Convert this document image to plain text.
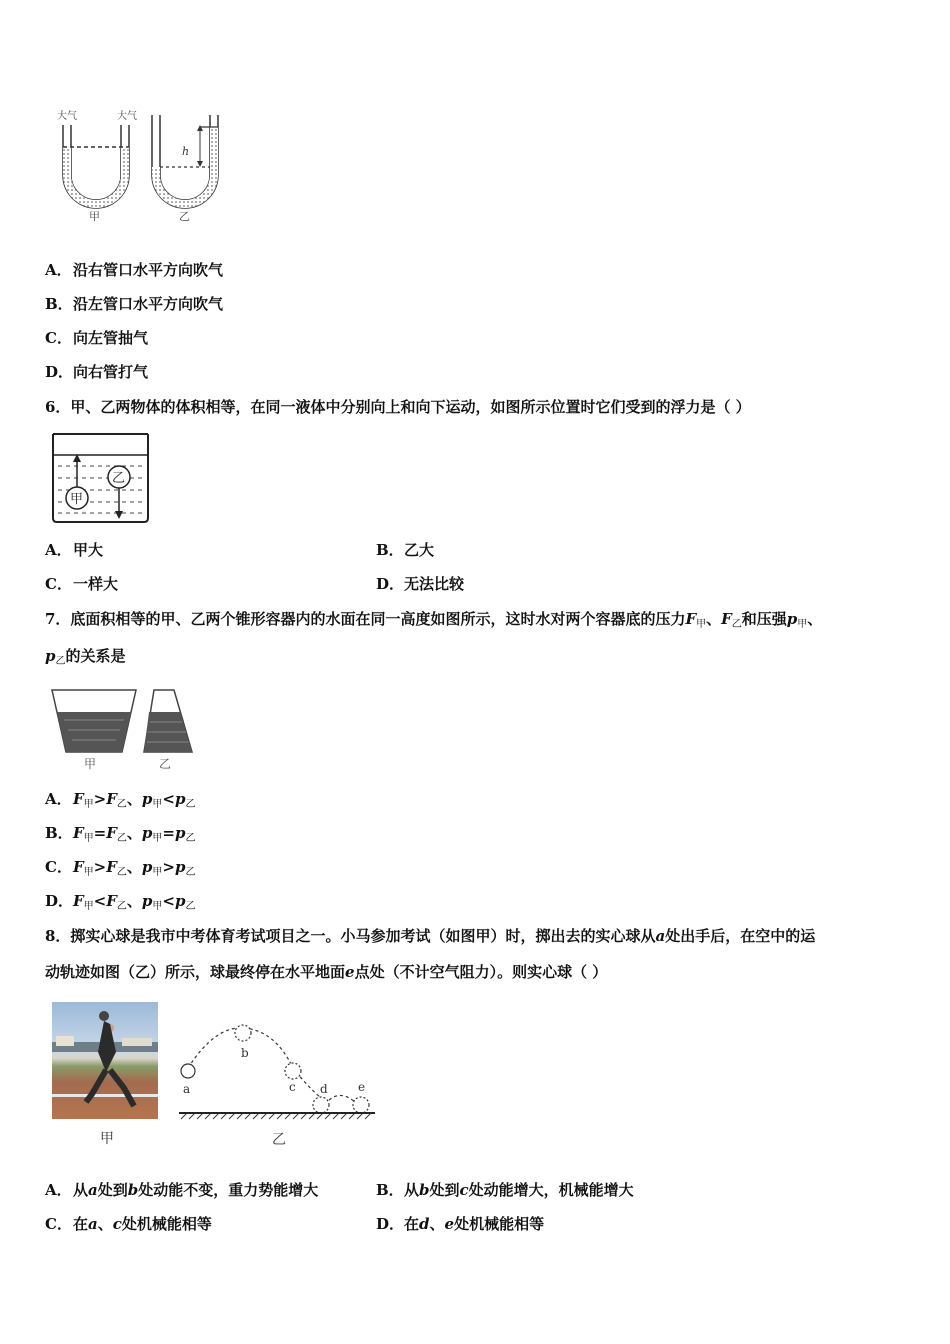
大气	大气
h
甲	乙
A．沿右管口水平方向吹气
B．沿左管口水平方向吹气
C．向左管抽气
D．向右管打气
6．甲、乙两物体的体积相等，在同一液体中分别向上和向下运动，如图所示位置时它们受到的浮力是（ ）
甲
乙
A．甲大	B．乙大
C．一样大	D．无法比较
7．底面积相等的甲、乙两个锥形容器内的水面在同一高度如图所示，这时水对两个容器底的压力$F_甲$、$F_乙$和压强$p_甲$、
$p_乙$的关系是
甲	乙
A．$F_甲>F_乙$、$p_甲<p_乙$
B．$F_甲=F_乙$、$p_甲=p_乙$
C．$F_甲>F_乙$、$p_甲>p_乙$
D．$F_甲<F_乙$、$p_甲<p_乙$
8．掷实心球是我市中考体育考试项目之一。小马参加考试（如图甲）时，掷出去的实心球从a处出手后，在空中的运
动轨迹如图（乙）所示，球最终停在水平地面e点处（不计空气阻力）。则实心球（ ）
甲
a
b
c d	e
乙
A．从a处到b处动能不变，重力势能增大	B．从b处到c处动能增大，机械能增大
C．在a、c处机械能相等	D．在d、e处机械能相等
